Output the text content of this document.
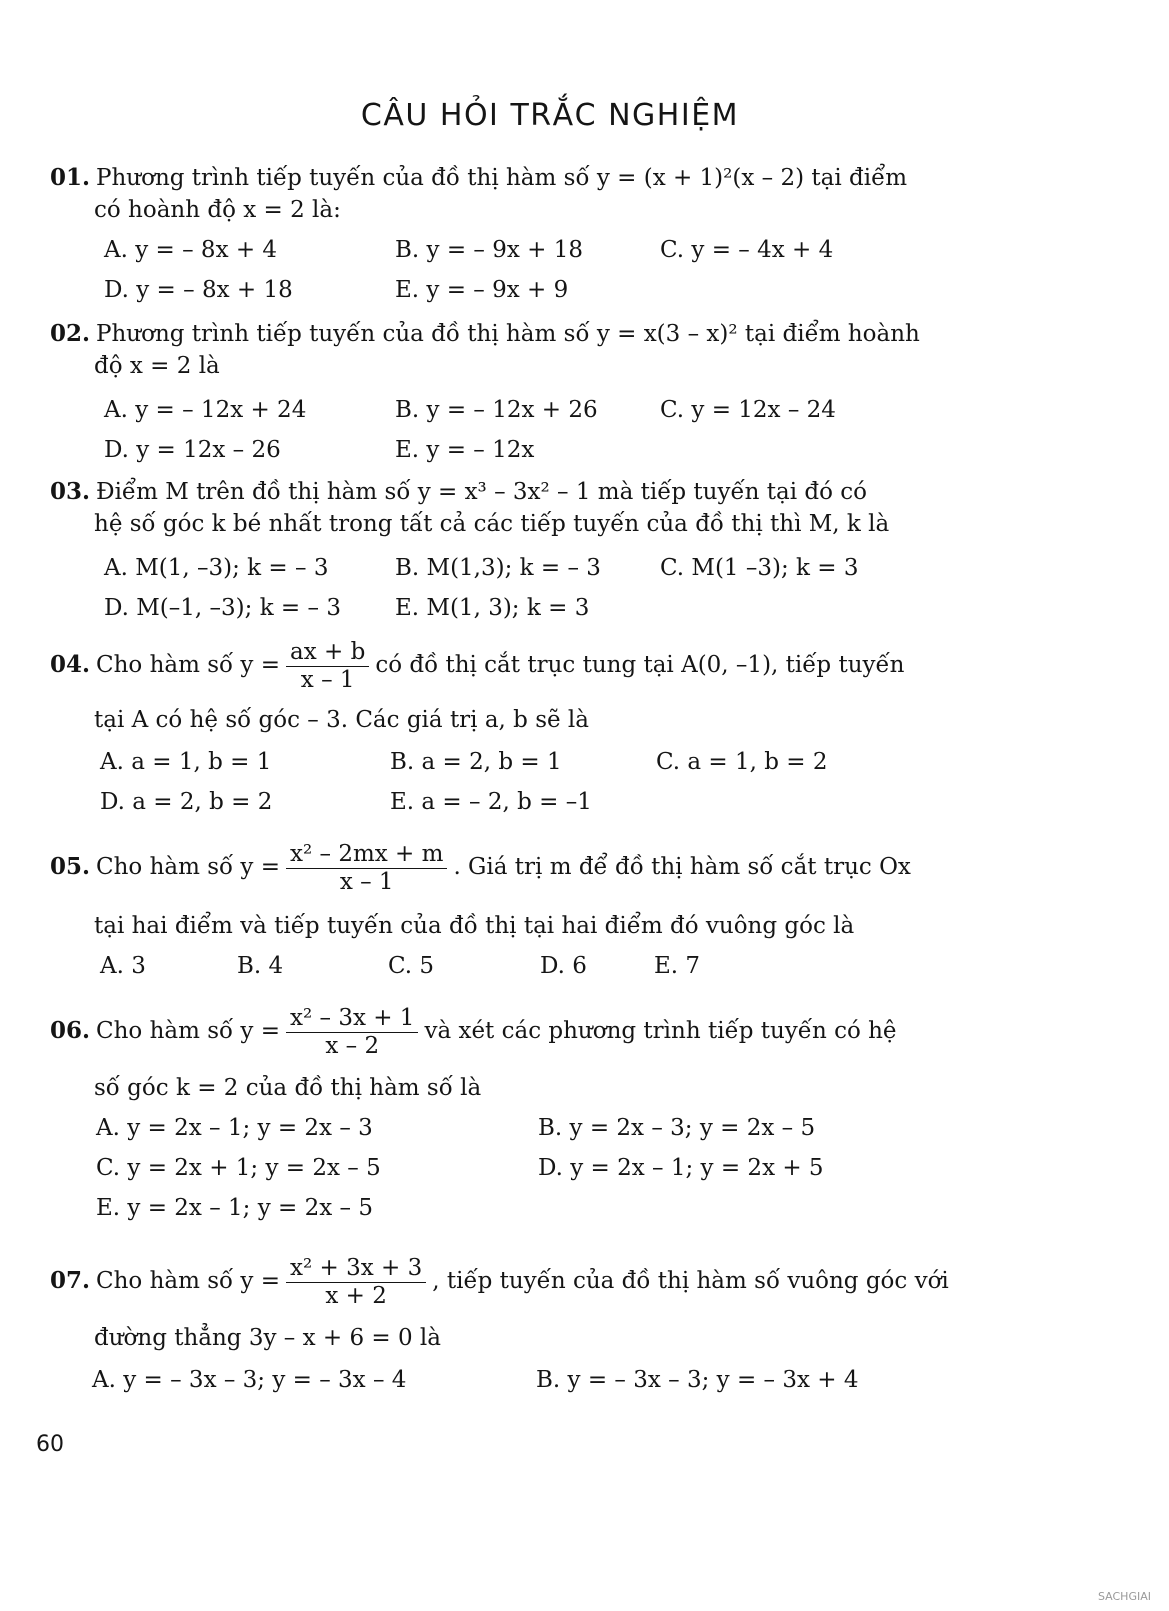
CÂU HỎI TRẮC NGHIỆM
01. Phương trình tiếp tuyến của đồ thị hàm số y = (x + 1)²(x – 2) tại điểm
có hoành độ x = 2 là:
A. y = – 8x + 4	B. y = – 9x + 18	C. y = – 4x + 4
D. y = – 8x + 18	E. y = – 9x + 9
02. Phương trình tiếp tuyến của đồ thị hàm số y = x(3 – x)² tại điểm hoành
độ x = 2 là
A. y = – 12x + 24	B. y = – 12x + 26	C. y = 12x – 24
D. y = 12x – 26	E. y = – 12x
03. Điểm M trên đồ thị hàm số y = x³ – 3x² – 1 mà tiếp tuyến tại đó có
hệ số góc k bé nhất trong tất cả các tiếp tuyến của đồ thị thì M, k là
A. M(1, –3); k = – 3	B. M(1,3); k = – 3	C. M(1 –3); k = 3
D. M(–1, –3); k = – 3 E. M(1, 3); k = 3
04. Cho hàm số $y = \frac{ax + b}{x - 1}$ có đồ thị cắt trục tung tại A(0, –1), tiếp tuyến
tại A có hệ số góc – 3. Các giá trị a, b sẽ là
A. a = 1, b = 1	B. a = 2, b = 1	C. a = 1, b = 2
D. a = 2, b = 2	E. a = – 2, b = –1
05. Cho hàm số $y = \frac{\text{x² – 2mx + m}}{x - 1}$ . Giá trị m để đồ thị hàm số cắt trục Ox
tại hai điểm và tiếp tuyến của đồ thị tại hai điểm đó vuông góc là
A. 3	B. 4	C. 5	D. 6	E. 7
06. Cho hàm số $y = \frac{\text{x² – 3x + 1}}{x - 2}$ và xét các phương trình tiếp tuyến có hệ
số góc k = 2 của đồ thị hàm số là
A. y = 2x – 1; y = 2x – 3	B. y = 2x – 3; y = 2x – 5
C. y = 2x + 1; y = 2x – 5	D. y = 2x – 1; y = 2x + 5
E. y = 2x – 1; y = 2x – 5
07. Cho hàm số $y = \frac{\text{x² + 3x + 3}}{x + 2}$ , tiếp tuyến của đồ thị hàm số vuông góc với
đường thẳng 3y – x + 6 = 0 là
A. y = – 3x – 3; y = – 3x – 4	B. y = – 3x – 3; y = – 3x + 4
60
SACHGIAI
